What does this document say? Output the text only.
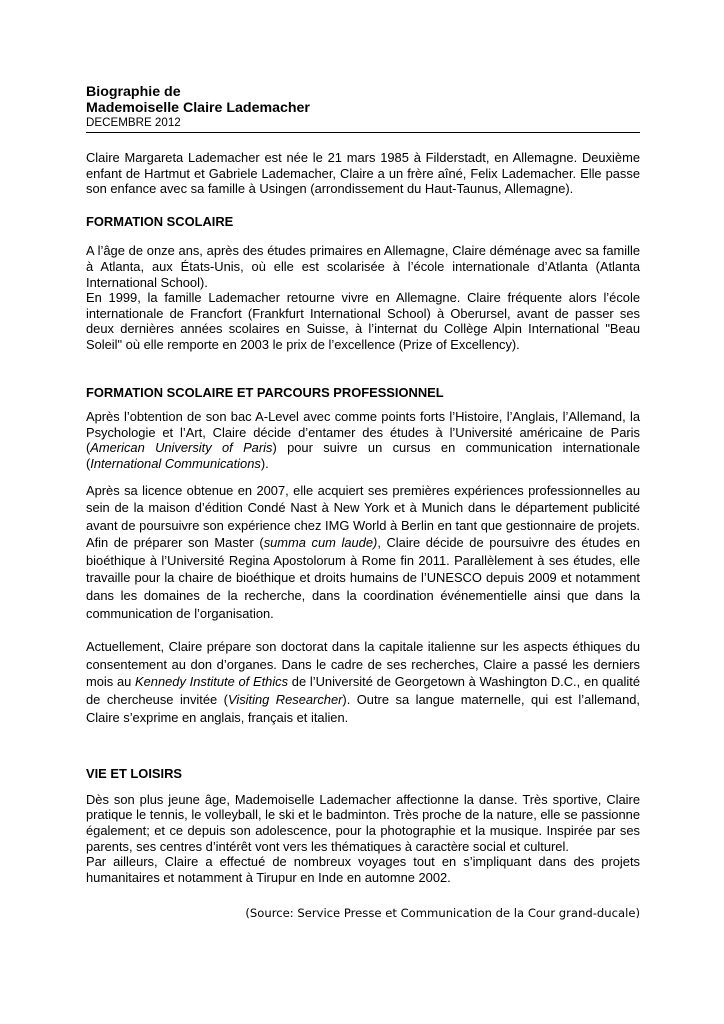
Biographie de
Mademoiselle Claire Lademacher
DECEMBRE 2012

Claire Margareta Lademacher est née le 21 mars 1985 à Filderstadt, en Allemagne. Deuxième enfant de Hartmut et Gabriele Lademacher, Claire a un frère aîné, Felix Lademacher. Elle passe son enfance avec sa famille à Usingen (arrondissement du Haut-Taunus, Allemagne).

FORMATION SCOLAIRE

A l’âge de onze ans, après des études primaires en Allemagne, Claire déménage avec sa famille à Atlanta, aux États-Unis, où elle est scolarisée à l’école internationale d’Atlanta (Atlanta International School).

En 1999, la famille Lademacher retourne vivre en Allemagne. Claire fréquente alors l’école internationale de Francfort (Frankfurt International School) à Oberursel, avant de passer ses deux dernières années scolaires en Suisse, à l’internat du Collège Alpin International "Beau Soleil" où elle remporte en 2003 le prix de l’excellence (Prize of Excellency).

FORMATION SCOLAIRE ET PARCOURS PROFESSIONNEL

Après l’obtention de son bac A-Level avec comme points forts l’Histoire, l’Anglais, l’Allemand, la Psychologie et l’Art, Claire décide d’entamer des études à l’Université américaine de Paris (American University of Paris) pour suivre un cursus en communication internationale (International Communications).

Après sa licence obtenue en 2007, elle acquiert ses premières expériences professionnelles au sein de la maison d’édition Condé Nast à New York et à Munich dans le département publicité avant de poursuivre son expérience chez IMG World à Berlin en tant que gestionnaire de projets. Afin de préparer son Master (summa cum laude), Claire décide de poursuivre des études en bioéthique à l’Université Regina Apostolorum à Rome fin 2011. Parallèlement à ses études, elle travaille pour la chaire de bioéthique et droits humains de l’UNESCO depuis 2009 et notamment dans les domaines de la recherche, dans la coordination événementielle ainsi que dans la communication de l’organisation.

Actuellement, Claire prépare son doctorat dans la capitale italienne sur les aspects éthiques du consentement au don d’organes. Dans le cadre de ses recherches, Claire a passé les derniers mois au Kennedy Institute of Ethics de l’Université de Georgetown à Washington D.C., en qualité de chercheuse invitée (Visiting Researcher). Outre sa langue maternelle, qui est l’allemand, Claire s’exprime en anglais, français et italien.

VIE ET LOISIRS

Dès son plus jeune âge, Mademoiselle Lademacher affectionne la danse. Très sportive, Claire pratique le tennis, le volleyball, le ski et le badminton. Très proche de la nature, elle se passionne également; et ce depuis son adolescence, pour la photographie et la musique. Inspirée par ses parents, ses centres d’intérêt vont vers les thématiques à caractère social et culturel.

Par ailleurs, Claire a effectué de nombreux voyages tout en s’impliquant dans des projets humanitaires et notamment à Tirupur en Inde en automne 2002.

(Source: Service Presse et Communication de la Cour grand-ducale)
